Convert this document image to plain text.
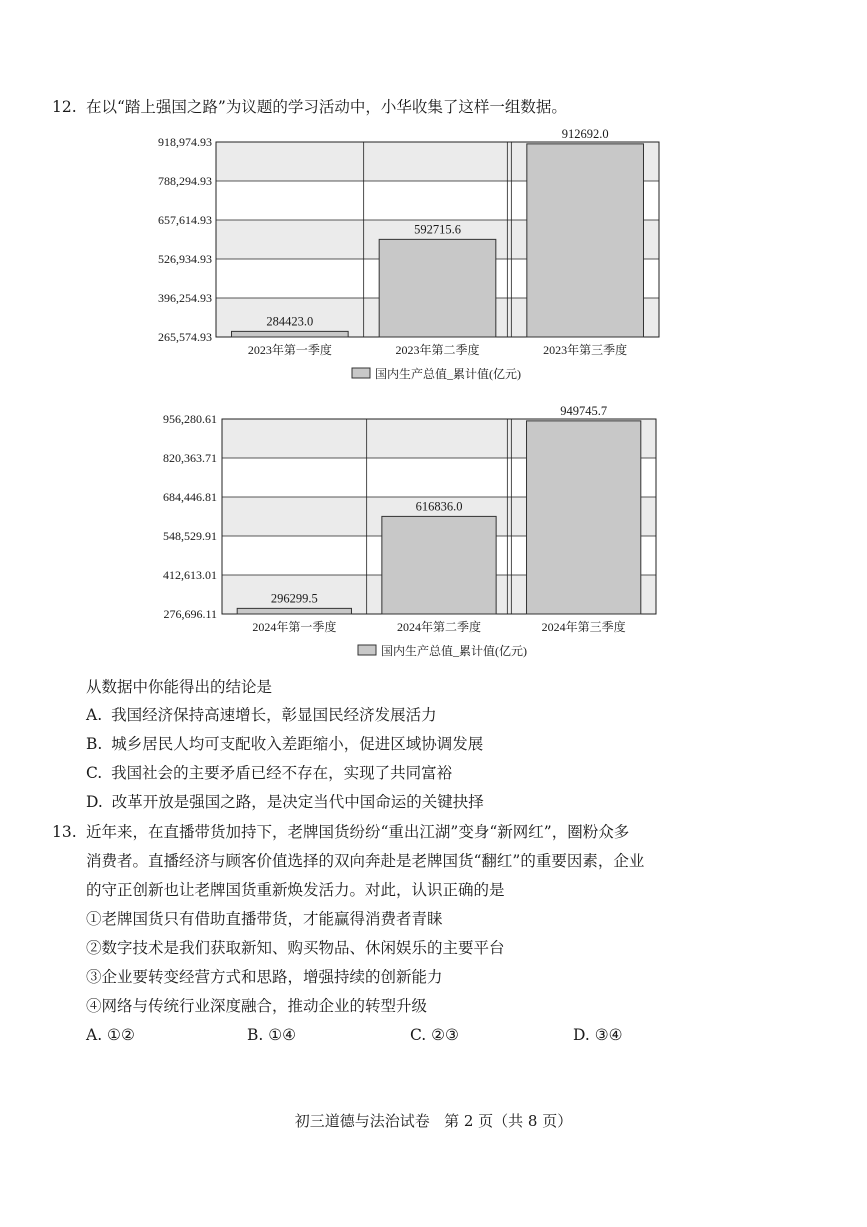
12. 在以“踏上强国之路”为议题的学习活动中，小华收集了这样一组数据。
265,574.93
396,254.93
526,934.93
657,614.93
788,294.93
918,974.93
284423.0
2023年第一季度
592715.6
2023年第二季度
912692.0
2023年第三季度
国内生产总值_累计值(亿元)
276,696.11
412,613.01
548,529.91
684,446.81
820,363.71
956,280.61
296299.5
2024年第一季度
616836.0
2024年第二季度
949745.7
2024年第三季度
国内生产总值_累计值(亿元)
从数据中你能得出的结论是
A. 我国经济保持高速增长，彰显国民经济发展活力
B. 城乡居民人均可支配收入差距缩小，促进区域协调发展
C. 我国社会的主要矛盾已经不存在，实现了共同富裕
D. 改革开放是强国之路，是决定当代中国命运的关键抉择
13. 近年来，在直播带货加持下，老牌国货纷纷“重出江湖”变身“新网红”，圈粉众多
消费者。直播经济与顾客价值选择的双向奔赴是老牌国货“翻红”的重要因素，企业
的守正创新也让老牌国货重新焕发活力。对此，认识正确的是
①老牌国货只有借助直播带货，才能赢得消费者青睐
②数字技术是我们获取新知、购买物品、休闲娱乐的主要平台
③企业要转变经营方式和思路，增强持续的创新能力
④网络与传统行业深度融合，推动企业的转型升级
A. ①②	B. ①④	C. ②③	D. ③④
初三道德与法治试卷   第 2 页（共 8 页）
